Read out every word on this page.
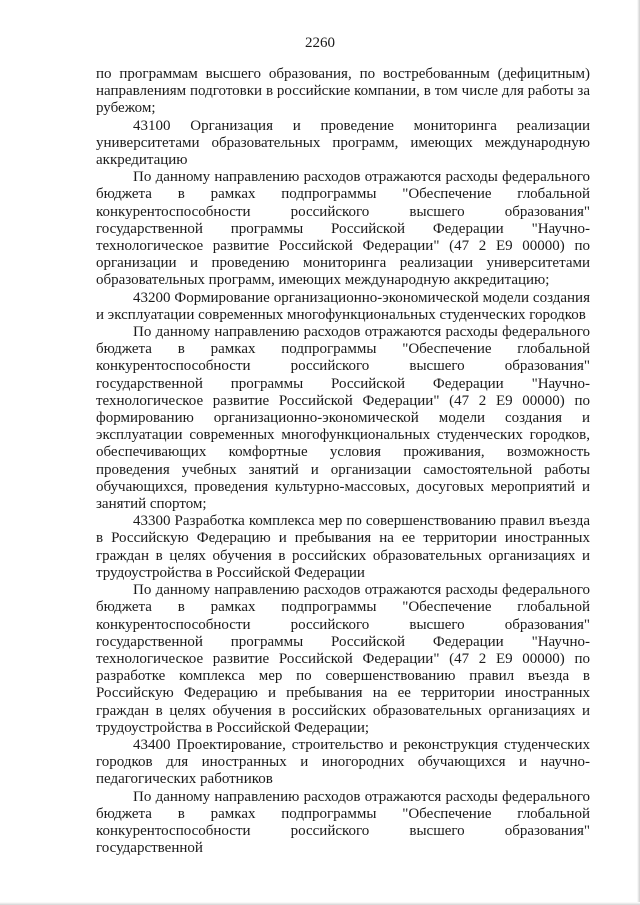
2260

по программам высшего образования, по востребованным (дефицитным) направлениям подготовки в российские компании, в том числе для работы за рубежом;

43100 Организация и проведение мониторинга реализации университетами образовательных программ, имеющих международную аккредитацию

По данному направлению расходов отражаются расходы федерального бюджета в рамках подпрограммы "Обеспечение глобальной конкурентоспособности российского высшего образования" государственной программы Российской Федерации "Научно-технологическое развитие Российской Федерации" (47 2 Е9 00000) по организации и проведению мониторинга реализации университетами образовательных программ, имеющих международную аккредитацию;

43200 Формирование организационно-экономической модели создания и эксплуатации современных многофункциональных студенческих городков

По данному направлению расходов отражаются расходы федерального бюджета в рамках подпрограммы "Обеспечение глобальной конкурентоспособности российского высшего образования" государственной программы Российской Федерации "Научно-технологическое развитие Российской Федерации" (47 2 Е9 00000) по формированию организационно-экономической модели создания и эксплуатации современных многофункциональных студенческих городков, обеспечивающих комфортные условия проживания, возможность проведения учебных занятий и организации самостоятельной работы обучающихся, проведения культурно-массовых, досуговых мероприятий и занятий спортом;

43300 Разработка комплекса мер по совершенствованию правил въезда в Российскую Федерацию и пребывания на ее территории иностранных граждан в целях обучения в российских образовательных организациях и трудоустройства в Российской Федерации

По данному направлению расходов отражаются расходы федерального бюджета в рамках подпрограммы "Обеспечение глобальной конкурентоспособности российского высшего образования" государственной программы Российской Федерации "Научно-технологическое развитие Российской Федерации" (47 2 Е9 00000) по разработке комплекса мер по совершенствованию правил въезда в Российскую Федерацию и пребывания на ее территории иностранных граждан в целях обучения в российских образовательных организациях и трудоустройства в Российской Федерации;

43400 Проектирование, строительство и реконструкция студенческих городков для иностранных и иногородних обучающихся и научно-педагогических работников

По данному направлению расходов отражаются расходы федерального бюджета в рамках подпрограммы "Обеспечение глобальной конкурентоспособности российского высшего образования" государственной
